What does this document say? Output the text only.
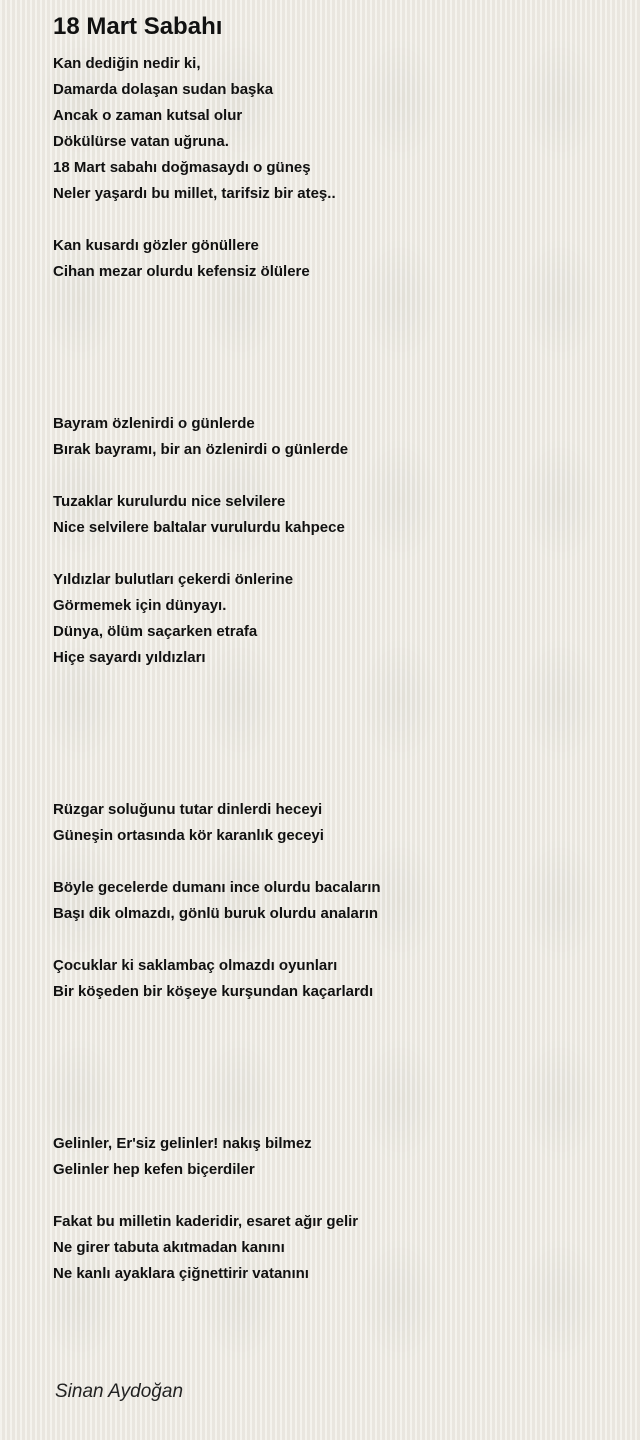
18 Mart Sabahı
Kan dediğin nedir ki,
Damarda dolaşan sudan başka
Ancak o zaman kutsal olur
Dökülürse vatan uğruna.
18 Mart sabahı doğmasaydı o güneş
Neler yaşardı bu millet, tarifsiz bir ateş..
Kan kusardı gözler gönüllere
Cihan mezar olurdu kefensiz ölülere
Bayram özlenirdi o günlerde
Bırak bayramı, bir an özlenirdi o günlerde
Tuzaklar kurulurdu nice selvilere
Nice selvilere baltalar vurulurdu kahpece
Yıldızlar bulutları çekerdi önlerine
Görmemek için dünyayı.
Dünya, ölüm saçarken etrafa
Hiçe sayardı yıldızları
Rüzgar soluğunu tutar dinlerdi heceyi
Güneşin ortasında kör karanlık geceyi
Böyle gecelerde dumanı ince olurdu bacaların
Başı dik olmazdı, gönlü buruk olurdu anaların
Çocuklar ki saklambaç olmazdı oyunları
Bir köşeden bir köşeye kurşundan kaçarlardı
Gelinler, Er'siz gelinler! nakış bilmez
Gelinler hep kefen biçerdiler
Fakat bu milletin kaderidir, esaret ağır gelir
Ne girer tabuta akıtmadan kanını
Ne kanlı ayaklara çiğnettirir vatanını
Sinan Aydoğan
